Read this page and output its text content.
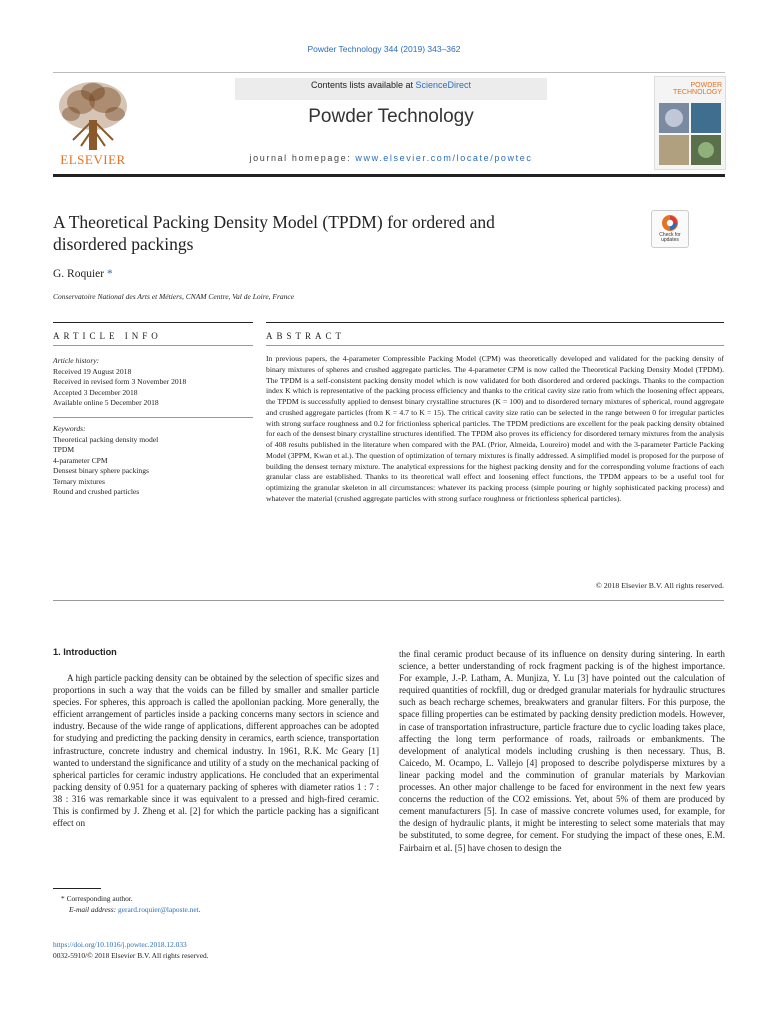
Powder Technology 344 (2019) 343–362
ELSEVIER
Contents lists available at ScienceDirect
Powder Technology
journal homepage: www.elsevier.com/locate/powtec
POWDER
TECHNOLOGY
Check for
updates
A Theoretical Packing Density Model (TPDM) for ordered and
disordered packings
G. Roquier *
Conservatoire National des Arts et Métiers, CNAM Centre, Val de Loire, France
ARTICLE INFO	ABSTRACT
Article history:
Received 19 August 2018
Received in revised form 3 November 2018
Accepted 3 December 2018
Available online 5 December 2018
Keywords:
Theoretical packing density model
TPDM
4-parameter CPM
Densest binary sphere packings
Ternary mixtures
Round and crushed particles
In previous papers, the 4-parameter Compressible Packing Model (CPM) was theoretically developed and validated for the packing density of binary mixtures of spheres and crushed aggregate particles. The 4-parameter CPM is now called the Theoretical Packing Density Model (TPDM). The TPDM is a self-consistent packing density model which is now validated for both disordered and ordered packings. Thanks to the compaction index K which is representative of the packing process efficiency and thanks to the critical cavity size ratio from which the loosening effect appears, the TPDM is successfully applied to densest binary crystalline structures (K = 100) and to disordered ternary mixtures of spherical, round aggregate and crushed aggregate particles (from K = 4.7 to K = 15). The critical cavity size ratio can be selected in the range between 0 for irregular particles with strong surface roughness and 0.2 for frictionless spherical particles. The TPDM predictions are excellent for the peak packing density obtained for each of the densest binary crystalline structures identified. The TPDM also proves its efficiency for disordered ternary mixtures from the analysis of 408 results published in the literature when compared with the PAL (Prior, Almeida, Loureiro) model and with the 3-parameter Particle Packing Model (3PPM, Kwan et al.). The question of optimization of ternary mixtures is finally addressed. A simplified model is proposed for the purpose of building the densest ternary mixture. The analytical expressions for the highest packing density and for the corresponding volume fractions of each granular class are established. Thanks to its theoretical wall effect and loosening effect functions, the TPDM appears to be a useful tool for optimizing the granular skeleton in all circumstances: whatever its packing process (simple pouring or highly sophisticated packing process) and whatever the material (crushed aggregate particles with strong surface roughness or frictionless spherical particles).
© 2018 Elsevier B.V. All rights reserved.
1. Introduction
A high particle packing density can be obtained by the selection of specific sizes and proportions in such a way that the voids can be filled by smaller and smaller particle species. For spheres, this approach is called the apollonian packing. More generally, the efficient arrangement of particles inside a packing concerns many sectors in science and industry. Because of the wide range of applications, different approaches can be adopted for studying and predicting the packing density in ceramics, earth science, transportation infrastructure, concrete industry and chemical industry. In 1961, R.K. Mc Geary [1] wanted to understand the significance and utility of a study on the mechanical packing of spherical particles for ceramic industry applications. He concluded that an experimental packing density of 0.951 for a quaternary packing of spheres with diameter ratios 1 : 7 : 38 : 316 was remarkable since it was equivalent to a pressed and high-fired ceramic. This is confirmed by J. Zheng et al. [2] for which the particle packing has a significant effect on
the final ceramic product because of its influence on density during sintering. In earth science, a better understanding of rock fragment packing is of the highest importance. For example, J.-P. Latham, A. Munjiza, Y. Lu [3] have pointed out the calculation of required quantities of rockfill, dug or dredged granular materials for hydraulic structures such as beach recharge schemes, breakwaters and granular filters. For this purpose, the space filling properties can be estimated by packing density prediction models. However, in case of transportation infrastructure, particle fracture due to cyclic loading takes place, affecting the long term performance of roads, railroads or embankments. The development of analytical models including crushing is then necessary. Thus, B. Caicedo, M. Ocampo, L. Vallejo [4] proposed to describe polydisperse mixtures by a linear packing model and the comminution of granular materials by Markovian processes. An other major challenge to be faced for environment in the next few years concerns the reduction of the CO2 emissions. Yet, about 5% of them are produced by cement manufacturers [5]. In case of massive concrete volumes used, for example, for the design of hydraulic plants, it might be interesting to select some materials that may be substituted, to some degree, for cement. For studying the impact of these ones, E.M. Fairbairn et al. [5] have chosen to design the
* Corresponding author.
E-mail address: gerard.roquier@laposte.net.
https://doi.org/10.1016/j.powtec.2018.12.033
0032-5910/© 2018 Elsevier B.V. All rights reserved.
